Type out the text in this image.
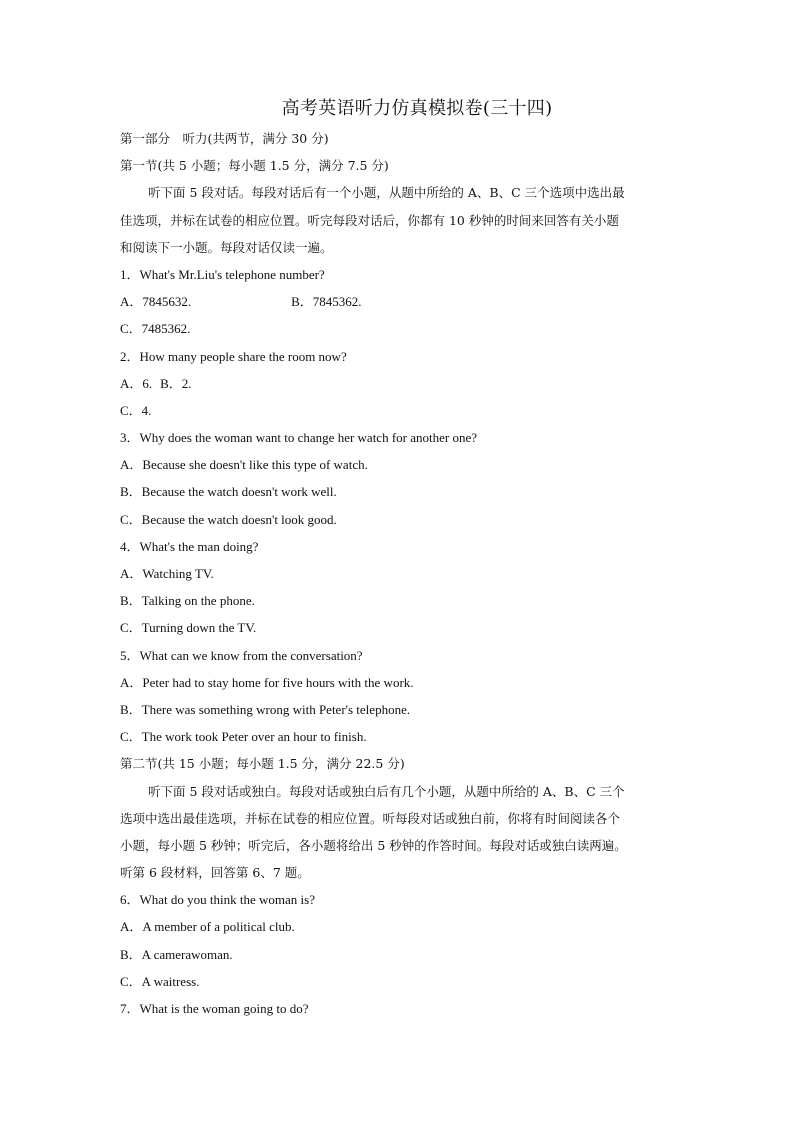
高考英语听力仿真模拟卷(三十四)
第一部分　听力(共两节，满分 30 分)
第一节(共 5 小题；每小题 1.5 分，满分 7.5 分)
听下面 5 段对话。每段对话后有一个小题，从题中所给的 A、B、C 三个选项中选出最
佳选项，并标在试卷的相应位置。听完每段对话后，你都有 10 秒钟的时间来回答有关小题
和阅读下一小题。每段对话仅读一遍。
1．What's Mr.Liu's telephone number?
A．7845632.	B．7845362.
C．7485362.
2．How many people share the room now?
A．6. B．2.
C．4.
3．Why does the woman want to change her watch for another one?
A．Because she doesn't like this type of watch.
B．Because the watch doesn't work well.
C．Because the watch doesn't look good.
4．What's the man doing?
A．Watching TV.
B．Talking on the phone.
C．Turning down the TV.
5．What can we know from the conversation?
A．Peter had to stay home for five hours with the work.
B．There was something wrong with Peter's telephone.
C．The work took Peter over an hour to finish.
第二节(共 15 小题；每小题 1.5 分，满分 22.5 分)
听下面 5 段对话或独白。每段对话或独白后有几个小题，从题中所给的 A、B、C 三个
选项中选出最佳选项，并标在试卷的相应位置。听每段对话或独白前，你将有时间阅读各个
小题，每小题 5 秒钟；听完后，各小题将给出 5 秒钟的作答时间。每段对话或独白读两遍。
听第 6 段材料，回答第 6、7 题。
6．What do you think the woman is?
A．A member of a political club.
B．A camerawoman.
C．A waitress.
7．What is the woman going to do?
